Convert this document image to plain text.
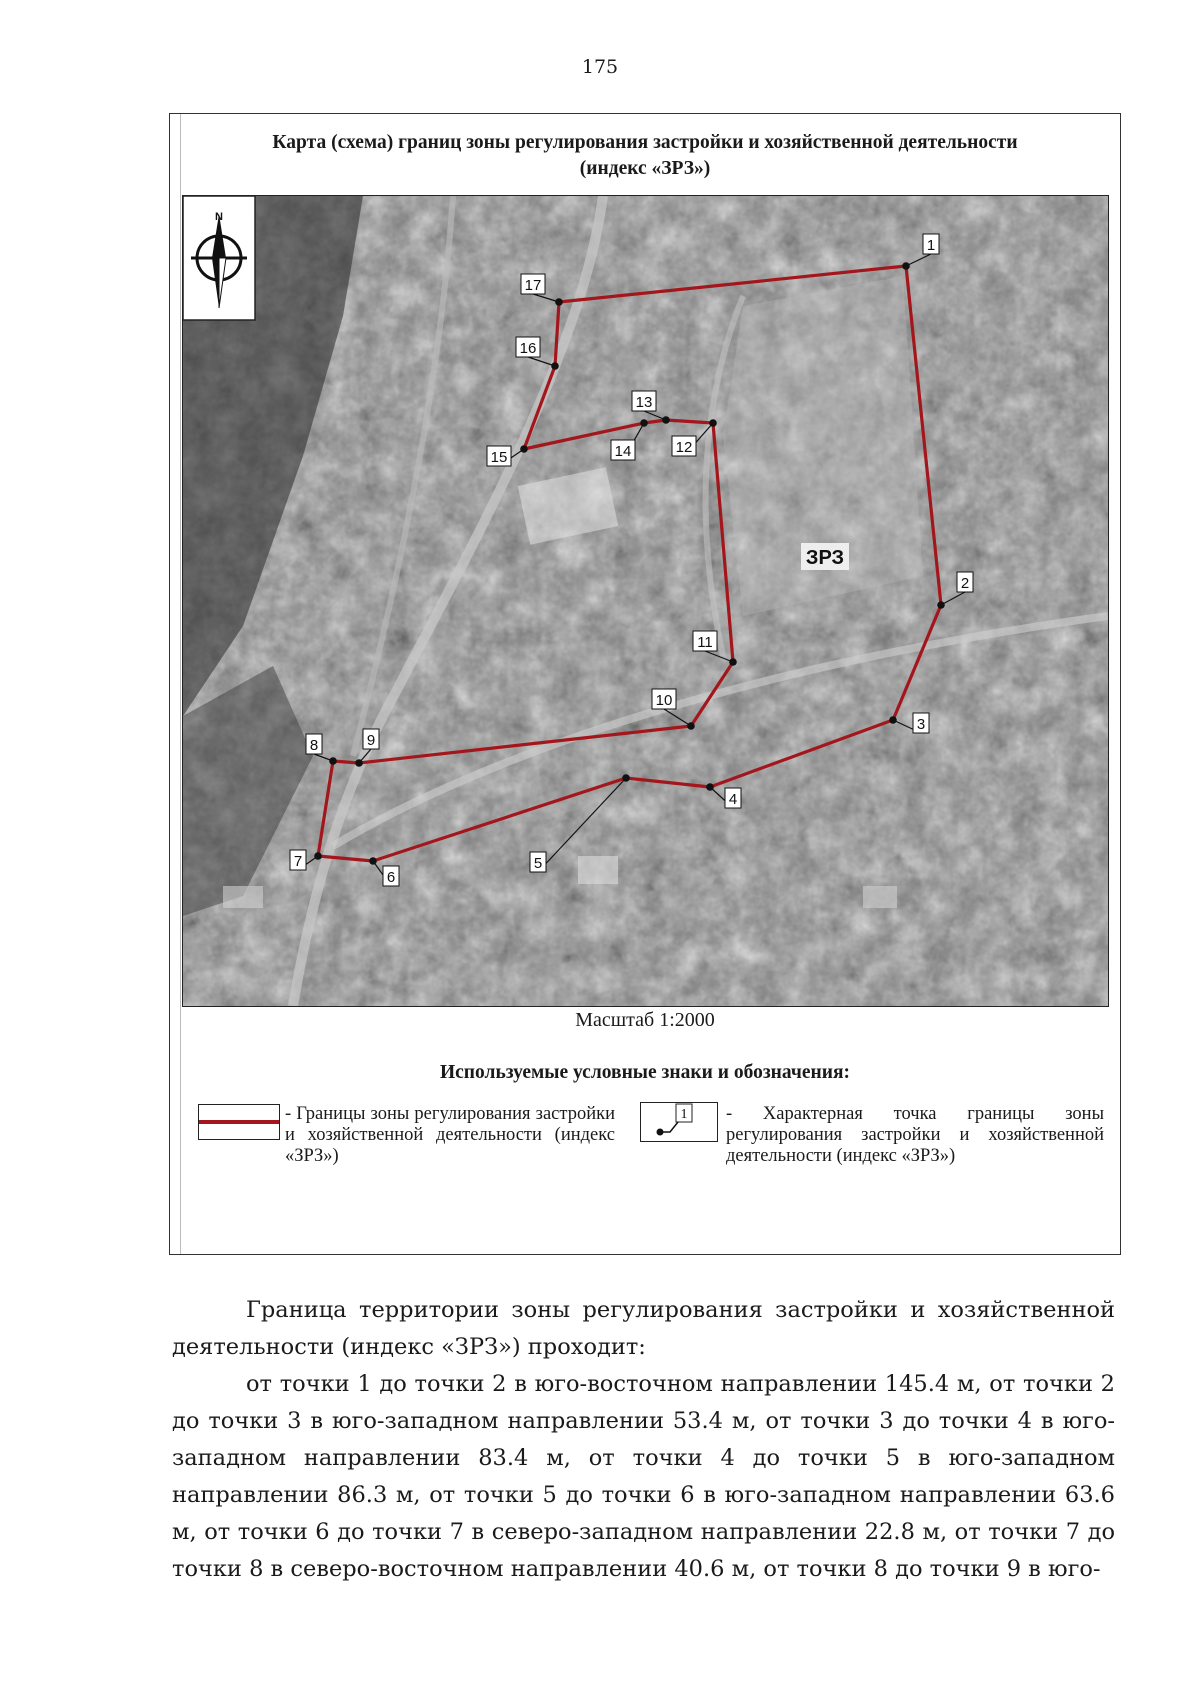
175
Карта (схема) границ зоны регулирования застройки и хозяйственной деятельности
(индекс «ЗРЗ»)
N
1
2
3
4
5
6
7
8	9
10
11
12
13
14
15
16
17
ЗРЗ
Масштаб 1:2000
Используемые условные знаки и обозначения:
- Границы зоны регулирования застройки и хозяйственной деятельности (индекс «ЗРЗ»)
1 - Характерная точка границы зоны регулирования застройки и хозяйственной деятельности (индекс «ЗРЗ»)
Граница территории зоны регулирования застройки и хозяйственной деятельности (индекс «ЗРЗ») проходит:
от точки 1 до точки 2 в юго-восточном направлении 145.4 м, от точки 2 до точки 3 в юго-западном направлении 53.4 м, от точки 3 до точки 4 в юго-западном направлении 83.4 м, от точки 4 до точки 5 в юго-западном направлении 86.3 м, от точки 5 до точки 6 в юго-западном направлении 63.6 м, от точки 6 до точки 7 в северо-западном направлении 22.8 м, от точки 7 до точки 8 в северо-восточном направлении 40.6 м, от точки 8 до точки 9 в юго-
